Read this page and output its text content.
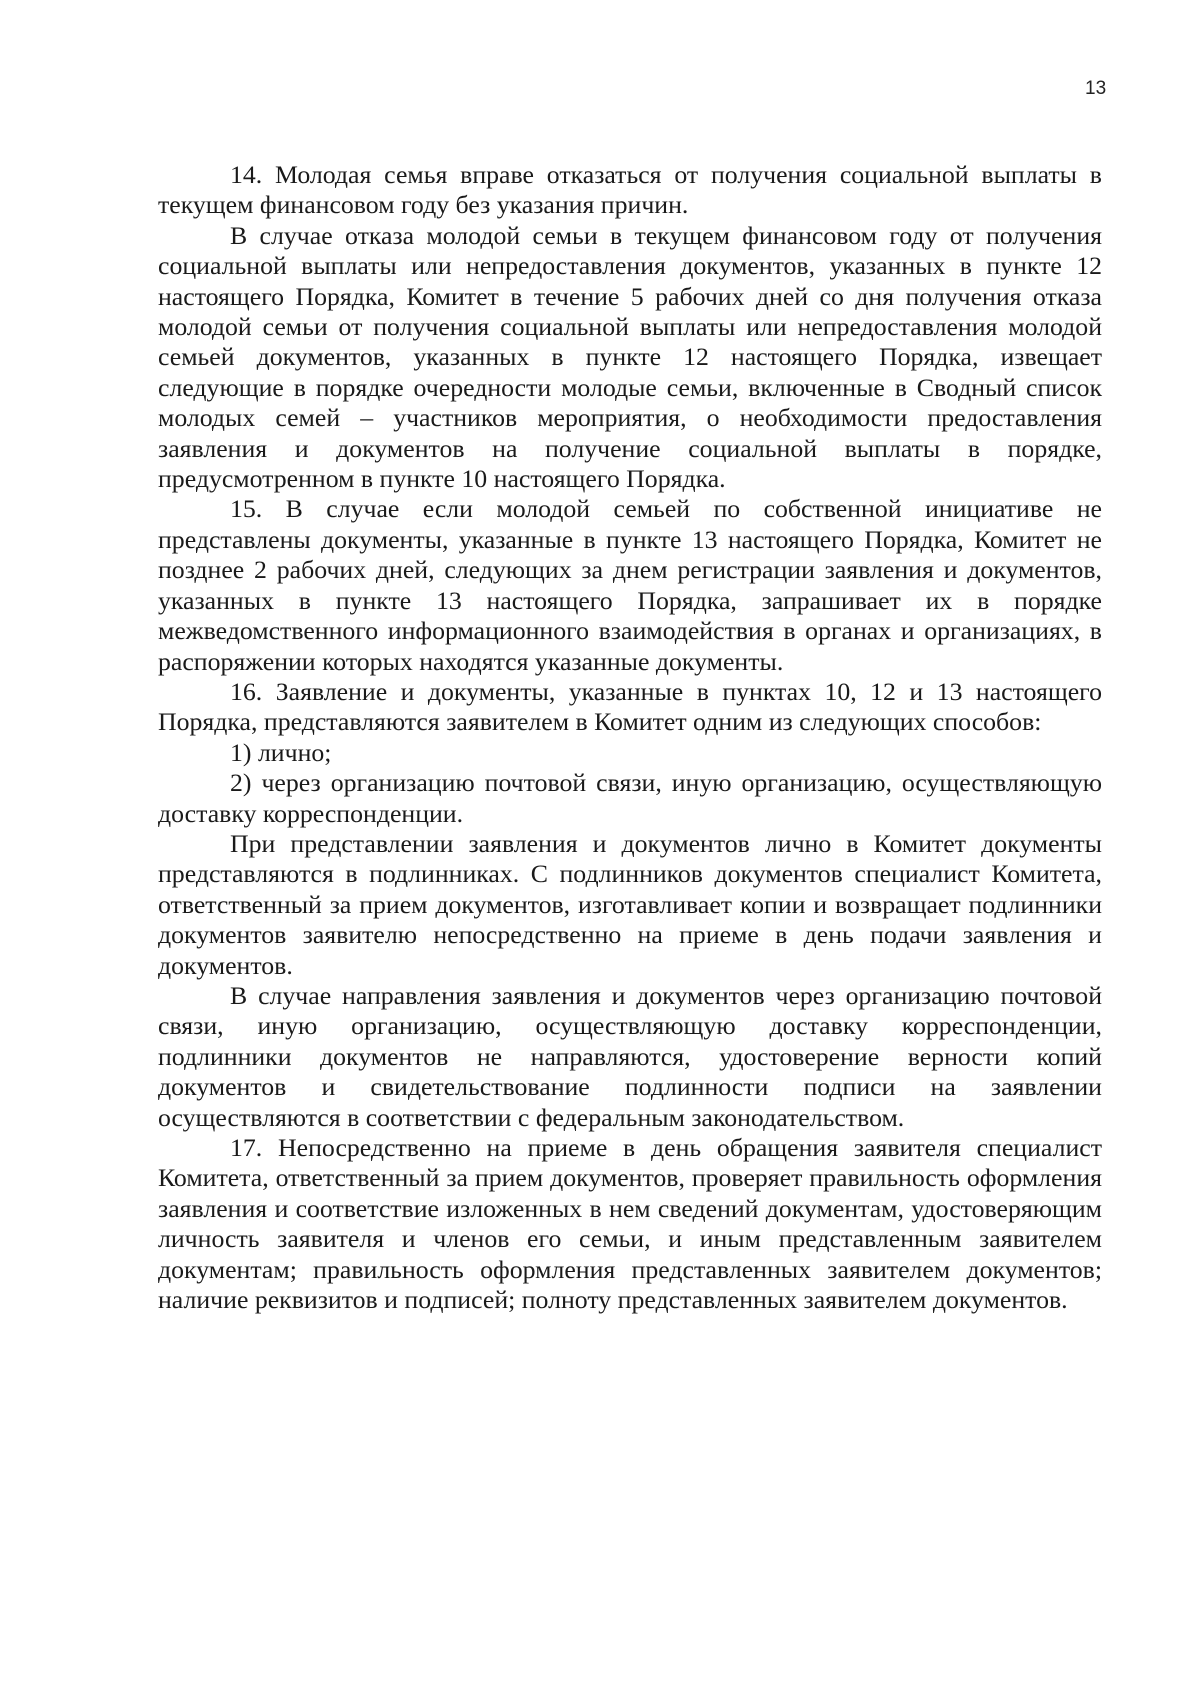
13

14. Молодая семья вправе отказаться от получения социальной выплаты в текущем финансовом году без указания причин.

В случае отказа молодой семьи в текущем финансовом году от получения социальной выплаты или непредоставления документов, указанных в пункте 12 настоящего Порядка, Комитет в течение 5 рабочих дней со дня получения отказа молодой семьи от получения социальной выплаты или непредоставления молодой семьей документов, указанных в пункте 12 настоящего Порядка, извещает следующие в порядке очередности молодые семьи, включенные в Сводный список молодых семей – участников мероприятия, о необходимости предоставления заявления и документов на получение социальной выплаты в порядке, предусмотренном в пункте 10 настоящего Порядка.

15. В случае если молодой семьей по собственной инициативе не представлены документы, указанные в пункте 13 настоящего Порядка, Комитет не позднее 2 рабочих дней, следующих за днем регистрации заявления и документов, указанных в пункте 13 настоящего Порядка, запрашивает их в порядке межведомственного информационного взаимодействия в органах и организациях, в распоряжении которых находятся указанные документы.

16. Заявление и документы, указанные в пунктах 10, 12 и 13 настоящего Порядка, представляются заявителем в Комитет одним из следующих способов:

1) лично;

2) через организацию почтовой связи, иную организацию, осуществляющую доставку корреспонденции.

При представлении заявления и документов лично в Комитет документы представляются в подлинниках. С подлинников документов специалист Комитета, ответственный за прием документов, изготавливает копии и возвращает подлинники документов заявителю непосредственно на приеме в день подачи заявления и документов.

В случае направления заявления и документов через организацию почтовой связи, иную организацию, осуществляющую доставку корреспонденции, подлинники документов не направляются, удостоверение верности копий документов и свидетельствование подлинности подписи на заявлении осуществляются в соответствии с федеральным законодательством.

17. Непосредственно на приеме в день обращения заявителя специалист Комитета, ответственный за прием документов, проверяет правильность оформления заявления и соответствие изложенных в нем сведений документам, удостоверяющим личность заявителя и членов его семьи, и иным представленным заявителем документам; правильность оформления представленных заявителем документов; наличие реквизитов и подписей; полноту представленных заявителем документов.
